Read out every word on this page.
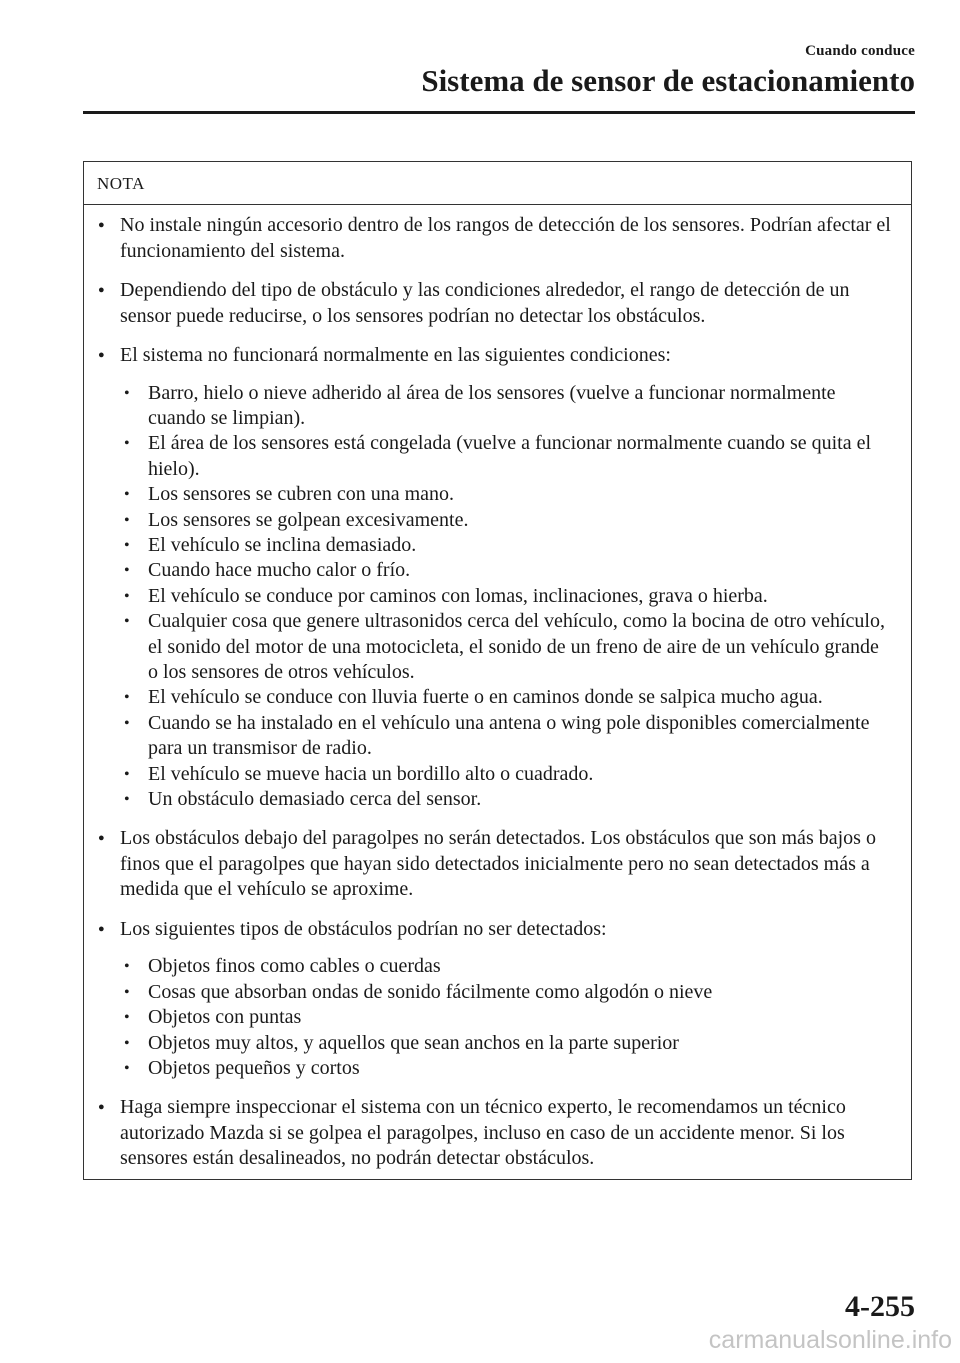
Cuando conduce
Sistema de sensor de estacionamiento
NOTA
● No instale ningún accesorio dentro de los rangos de detección de los sensores. Podrían afectar el funcionamiento del sistema.
● Dependiendo del tipo de obstáculo y las condiciones alrededor, el rango de detección de un sensor puede reducirse, o los sensores podrían no detectar los obstáculos.
● El sistema no funcionará normalmente en las siguientes condiciones:
• Barro, hielo o nieve adherido al área de los sensores (vuelve a funcionar normalmente cuando se limpian).
• El área de los sensores está congelada (vuelve a funcionar normalmente cuando se quita el hielo).
• Los sensores se cubren con una mano.
• Los sensores se golpean excesivamente.
• El vehículo se inclina demasiado.
• Cuando hace mucho calor o frío.
• El vehículo se conduce por caminos con lomas, inclinaciones, grava o hierba.
• Cualquier cosa que genere ultrasonidos cerca del vehículo, como la bocina de otro vehículo, el sonido del motor de una motocicleta, el sonido de un freno de aire de un vehículo grande o los sensores de otros vehículos.
• El vehículo se conduce con lluvia fuerte o en caminos donde se salpica mucho agua.
• Cuando se ha instalado en el vehículo una antena o wing pole disponibles comercialmente para un transmisor de radio.
• El vehículo se mueve hacia un bordillo alto o cuadrado.
• Un obstáculo demasiado cerca del sensor.
● Los obstáculos debajo del paragolpes no serán detectados. Los obstáculos que son más bajos o finos que el paragolpes que hayan sido detectados inicialmente pero no sean detectados más a medida que el vehículo se aproxime.
● Los siguientes tipos de obstáculos podrían no ser detectados:
• Objetos finos como cables o cuerdas
• Cosas que absorban ondas de sonido fácilmente como algodón o nieve
• Objetos con puntas
• Objetos muy altos, y aquellos que sean anchos en la parte superior
• Objetos pequeños y cortos
● Haga siempre inspeccionar el sistema con un técnico experto, le recomendamos un técnico autorizado Mazda si se golpea el paragolpes, incluso en caso de un accidente menor. Si los sensores están desalineados, no podrán detectar obstáculos.
4-255
carmanualsonline.info
